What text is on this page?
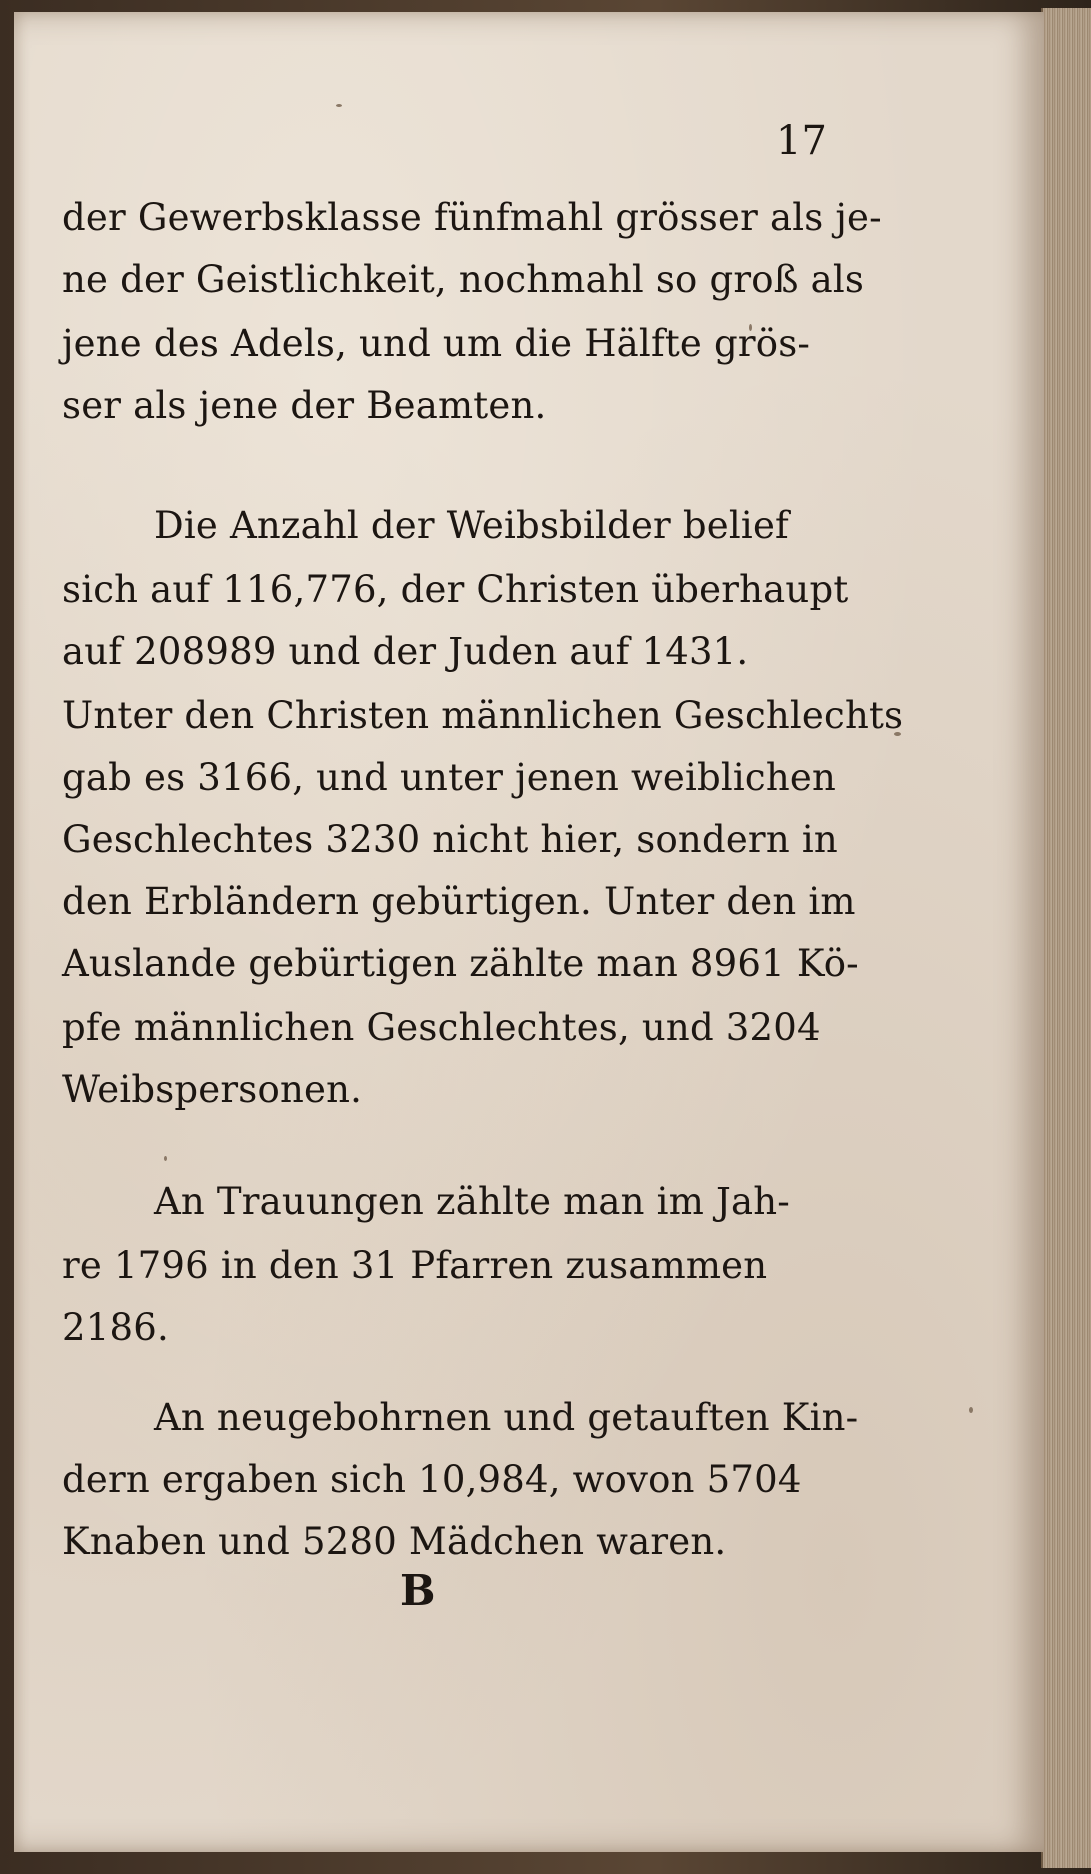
17
der Gewerbsklasse fünfmahl grösser als je-
ne der Geistlichkeit, nochmahl so groß als
jene des Adels, und um die Hälfte grös-
ser als jene der Beamten.
Die Anzahl der Weibsbilder belief
sich auf 116,776, der Christen überhaupt
auf 208989 und der Juden auf 1431.
Unter den Christen männlichen Geschlechts
gab es 3166, und unter jenen weiblichen
Geschlechtes 3230 nicht hier, sondern in
den Erbländern gebürtigen. Unter den im
Auslande gebürtigen zählte man 8961 Kö-
pfe männlichen Geschlechtes, und 3204
Weibspersonen.
An Trauungen zählte man im Jah-
re 1796 in den 31 Pfarren zusammen
2186.
An neugebohrnen und getauften Kin-
dern ergaben sich 10,984, wovon 5704
Knaben und 5280 Mädchen waren.
B
